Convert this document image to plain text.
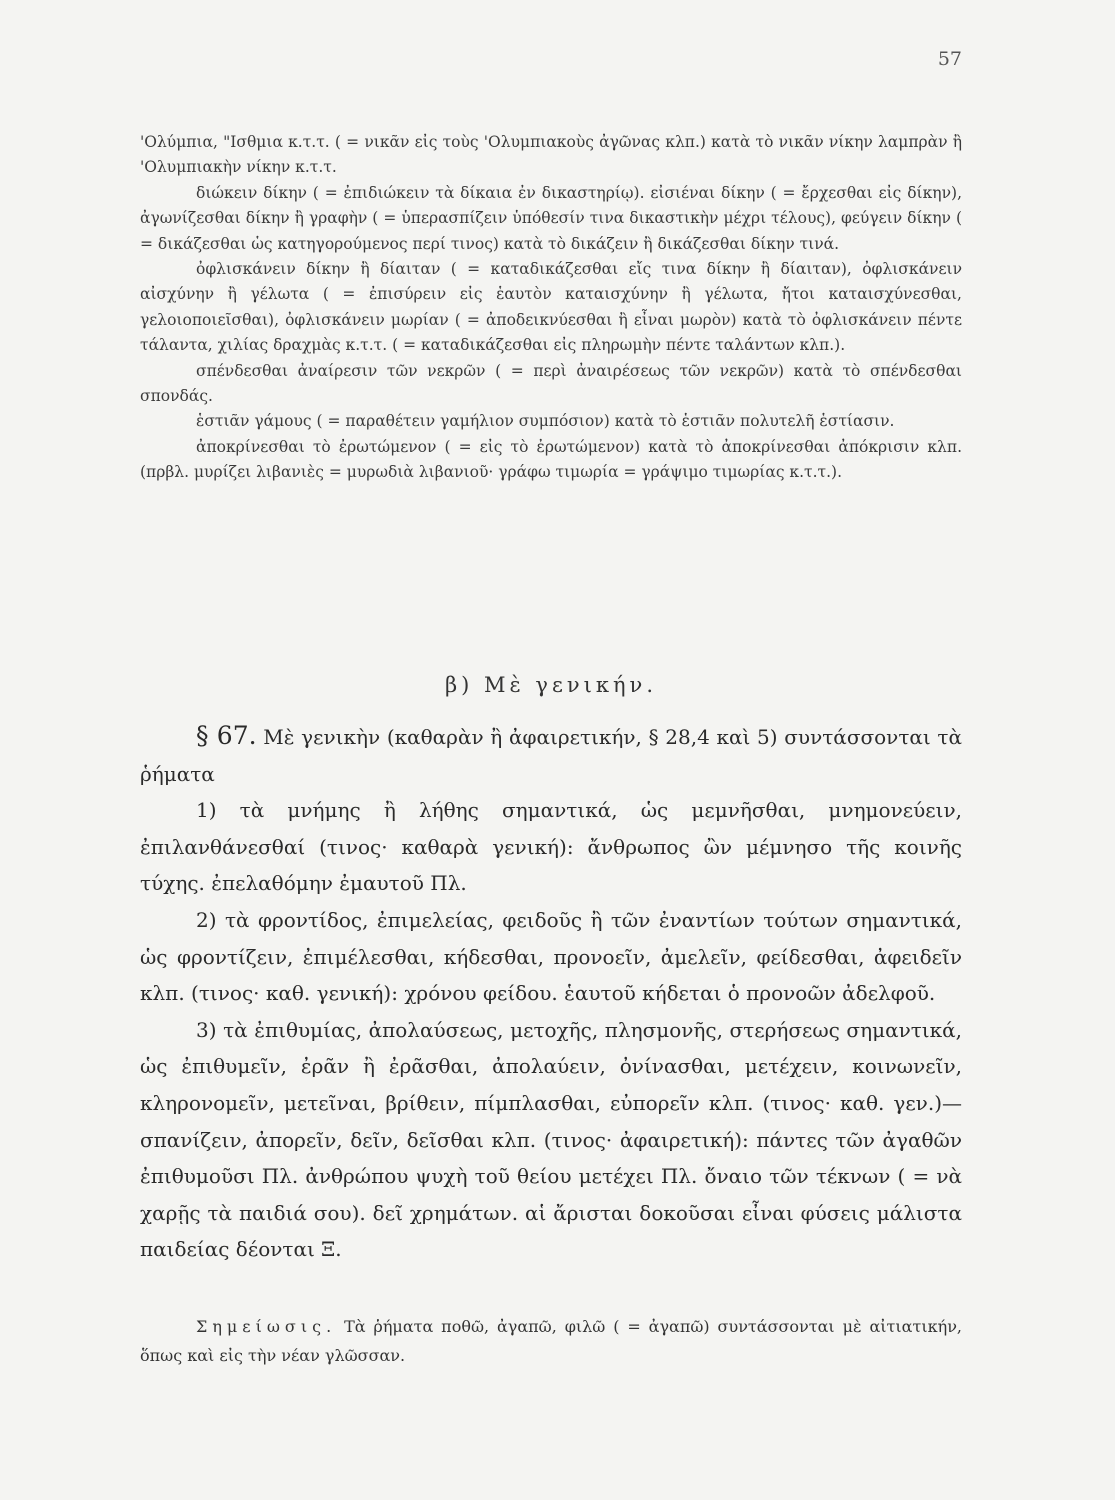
57

'Ολύμπια, "Ισθμια κ.τ.τ. ( = νικᾶν εἰς τοὺς 'Ολυμπιακοὺς ἀγῶνας κλπ.) κατὰ τὸ νικᾶν νίκην λαμπρὰν ἢ 'Ολυμπιακὴν νίκην κ.τ.τ.

διώκειν δίκην ( = ἐπιδιώκειν τὰ δίκαια ἐν δικαστηρίῳ). εἰσιέναι δίκην ( = ἔρχεσθαι εἰς δίκην), ἀγωνίζεσθαι δίκην ἢ γραφὴν ( = ὑπερασπίζειν ὑπόθεσίν τινα δικαστικὴν μέχρι τέλους), φεύγειν δίκην ( = δικάζεσθαι ὡς κατηγορούμενος περί τινος) κατὰ τὸ δικάζειν ἢ δικάζεσθαι δίκην τινά.

ὀφλισκάνειν δίκην ἢ δίαιταν ( = καταδικάζεσθαι εἴς τινα δίκην ἢ δίαιταν), ὀφλισκάνειν αἰσχύνην ἢ γέλωτα ( = ἐπισύρειν εἰς ἑαυτὸν καταισχύνην ἢ γέλωτα, ἤτοι καταισχύνεσθαι, γελοιοποιεῖσθαι), ὀφλισκάνειν μωρίαν ( = ἀποδεικνύεσθαι ἢ εἶναι μωρὸν) κατὰ τὸ ὀφλισκάνειν πέντε τάλαντα, χιλίας δραχμὰς κ.τ.τ. ( = καταδικάζεσθαι εἰς πληρωμὴν πέντε ταλάντων κλπ.).

σπένδεσθαι ἀναίρεσιν τῶν νεκρῶν ( = περὶ ἀναιρέσεως τῶν νεκρῶν) κατὰ τὸ σπένδεσθαι σπονδάς.

ἑστιᾶν γάμους ( = παραθέτειν γαμήλιον συμπόσιον) κατὰ τὸ ἑστιᾶν πολυτελῆ ἑστίασιν.

ἀποκρίνεσθαι τὸ ἐρωτώμενον ( = εἰς τὸ ἐρωτώμενον) κατὰ τὸ ἀποκρίνεσθαι ἀπόκρισιν κλπ. (πρβλ. μυρίζει λιβανιὲς = μυρωδιὰ λιβανιοῦ· γράφω τιμωρία = γράψιμο τιμωρίας κ.τ.τ.).

β) Μὲ γενικήν.

§ 67. Μὲ γενικὴν (καθαρὰν ἢ ἀφαιρετικήν, § 28,4 καὶ 5) συντάσσονται τὰ ῥήματα

1) τὰ μνήμης ἢ λήθης σημαντικά, ὡς μεμνῆσθαι, μνημονεύειν, ἐπιλανθάνεσθαί (τινος· καθαρὰ γενική): ἄνθρωπος ὢν μέμνησο τῆς κοινῆς τύχης. ἐπελαθόμην ἐμαυτοῦ Πλ.

2) τὰ φροντίδος, ἐπιμελείας, φειδοῦς ἢ τῶν ἐναντίων τούτων σημαντικά, ὡς φροντίζειν, ἐπιμέλεσθαι, κήδεσθαι, προνοεῖν, ἀμελεῖν, φείδεσθαι, ἀφειδεῖν κλπ. (τινος· καθ. γενική): χρόνου φείδου. ἑαυτοῦ κήδεται ὁ προνοῶν ἀδελφοῦ.

3) τὰ ἐπιθυμίας, ἀπολαύσεως, μετοχῆς, πλησμονῆς, στερήσεως σημαντικά, ὡς ἐπιθυμεῖν, ἐρᾶν ἢ ἐρᾶσθαι, ἀπολαύειν, ὀνίνασθαι, μετέχειν, κοινωνεῖν, κληρονομεῖν, μετεῖναι, βρίθειν, πίμπλασθαι, εὐπορεῖν κλπ. (τινος· καθ. γεν.)—σπανίζειν, ἀπορεῖν, δεῖν, δεῖσθαι κλπ. (τινος· ἀφαιρετική): πάντες τῶν ἀγαθῶν ἐπιθυμοῦσι Πλ. ἀνθρώπου ψυχὴ τοῦ θείου μετέχει Πλ. ὄναιο τῶν τέκνων ( = νὰ χαρῇς τὰ παιδιά σου). δεῖ χρημάτων. αἱ ἄρισται δοκοῦσαι εἶναι φύσεις μάλιστα παιδείας δέονται Ξ.

Σημείωσις. Τὰ ῥήματα ποθῶ, ἀγαπῶ, φιλῶ ( = ἀγαπῶ) συντάσσονται μὲ αἰτιατικήν, ὅπως καὶ εἰς τὴν νέαν γλῶσσαν.
